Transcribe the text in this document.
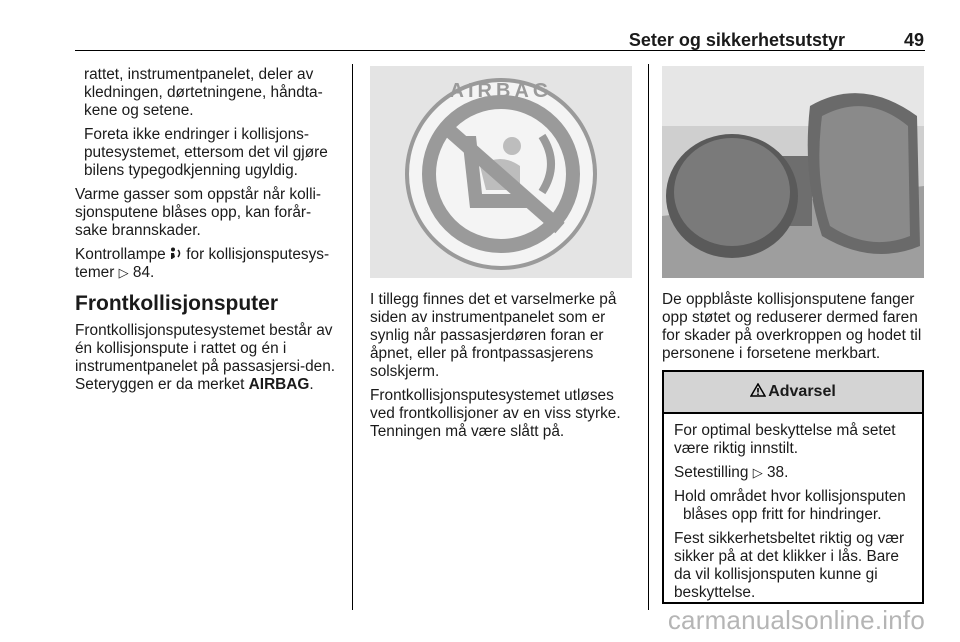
Seter og sikkerhetsutstyr	49

rattet, instrumentpanelet, deler av kledningen, dørtetningene, håndta-kene og setene.

Foreta ikke endringer i kollisjons-putesystemet, ettersom det vil gjøre bilens typegodkjenning ugyldig.

Varme gasser som oppstår når kolli-sjonsputene blåses opp, kan forår-sake brannskader.

Kontrollampe  for kollisjonsputesys-temer ▷ 84.

Frontkollisjonsputer

Frontkollisjonsputesystemet består av én kollisjonspute i rattet og én i instrumentpanelet på passasjersi-den. Seteryggen er da merket AIRBAG.

AIRBAG

I tillegg finnes det et varselmerke på siden av instrumentpanelet som er synlig når passasjerdøren foran er åpnet, eller på frontpassasjerens solskjerm.

Frontkollisjonsputesystemet utløses ved frontkollisjoner av en viss styrke. Tenningen må være slått på.

De oppblåste kollisjonsputene fanger opp støtet og reduserer dermed faren for skader på overkroppen og hodet til personene i forsetene merkbart.

Advarsel

For optimal beskyttelse må setet være riktig innstilt.

Setestilling ▷ 38.

Hold området hvor kollisjonsputen blåses opp fritt for hindringer.

Fest sikkerhetsbeltet riktig og vær sikker på at det klikker i lås. Bare da vil kollisjonsputen kunne gi beskyttelse.

carmanualsonline.info
